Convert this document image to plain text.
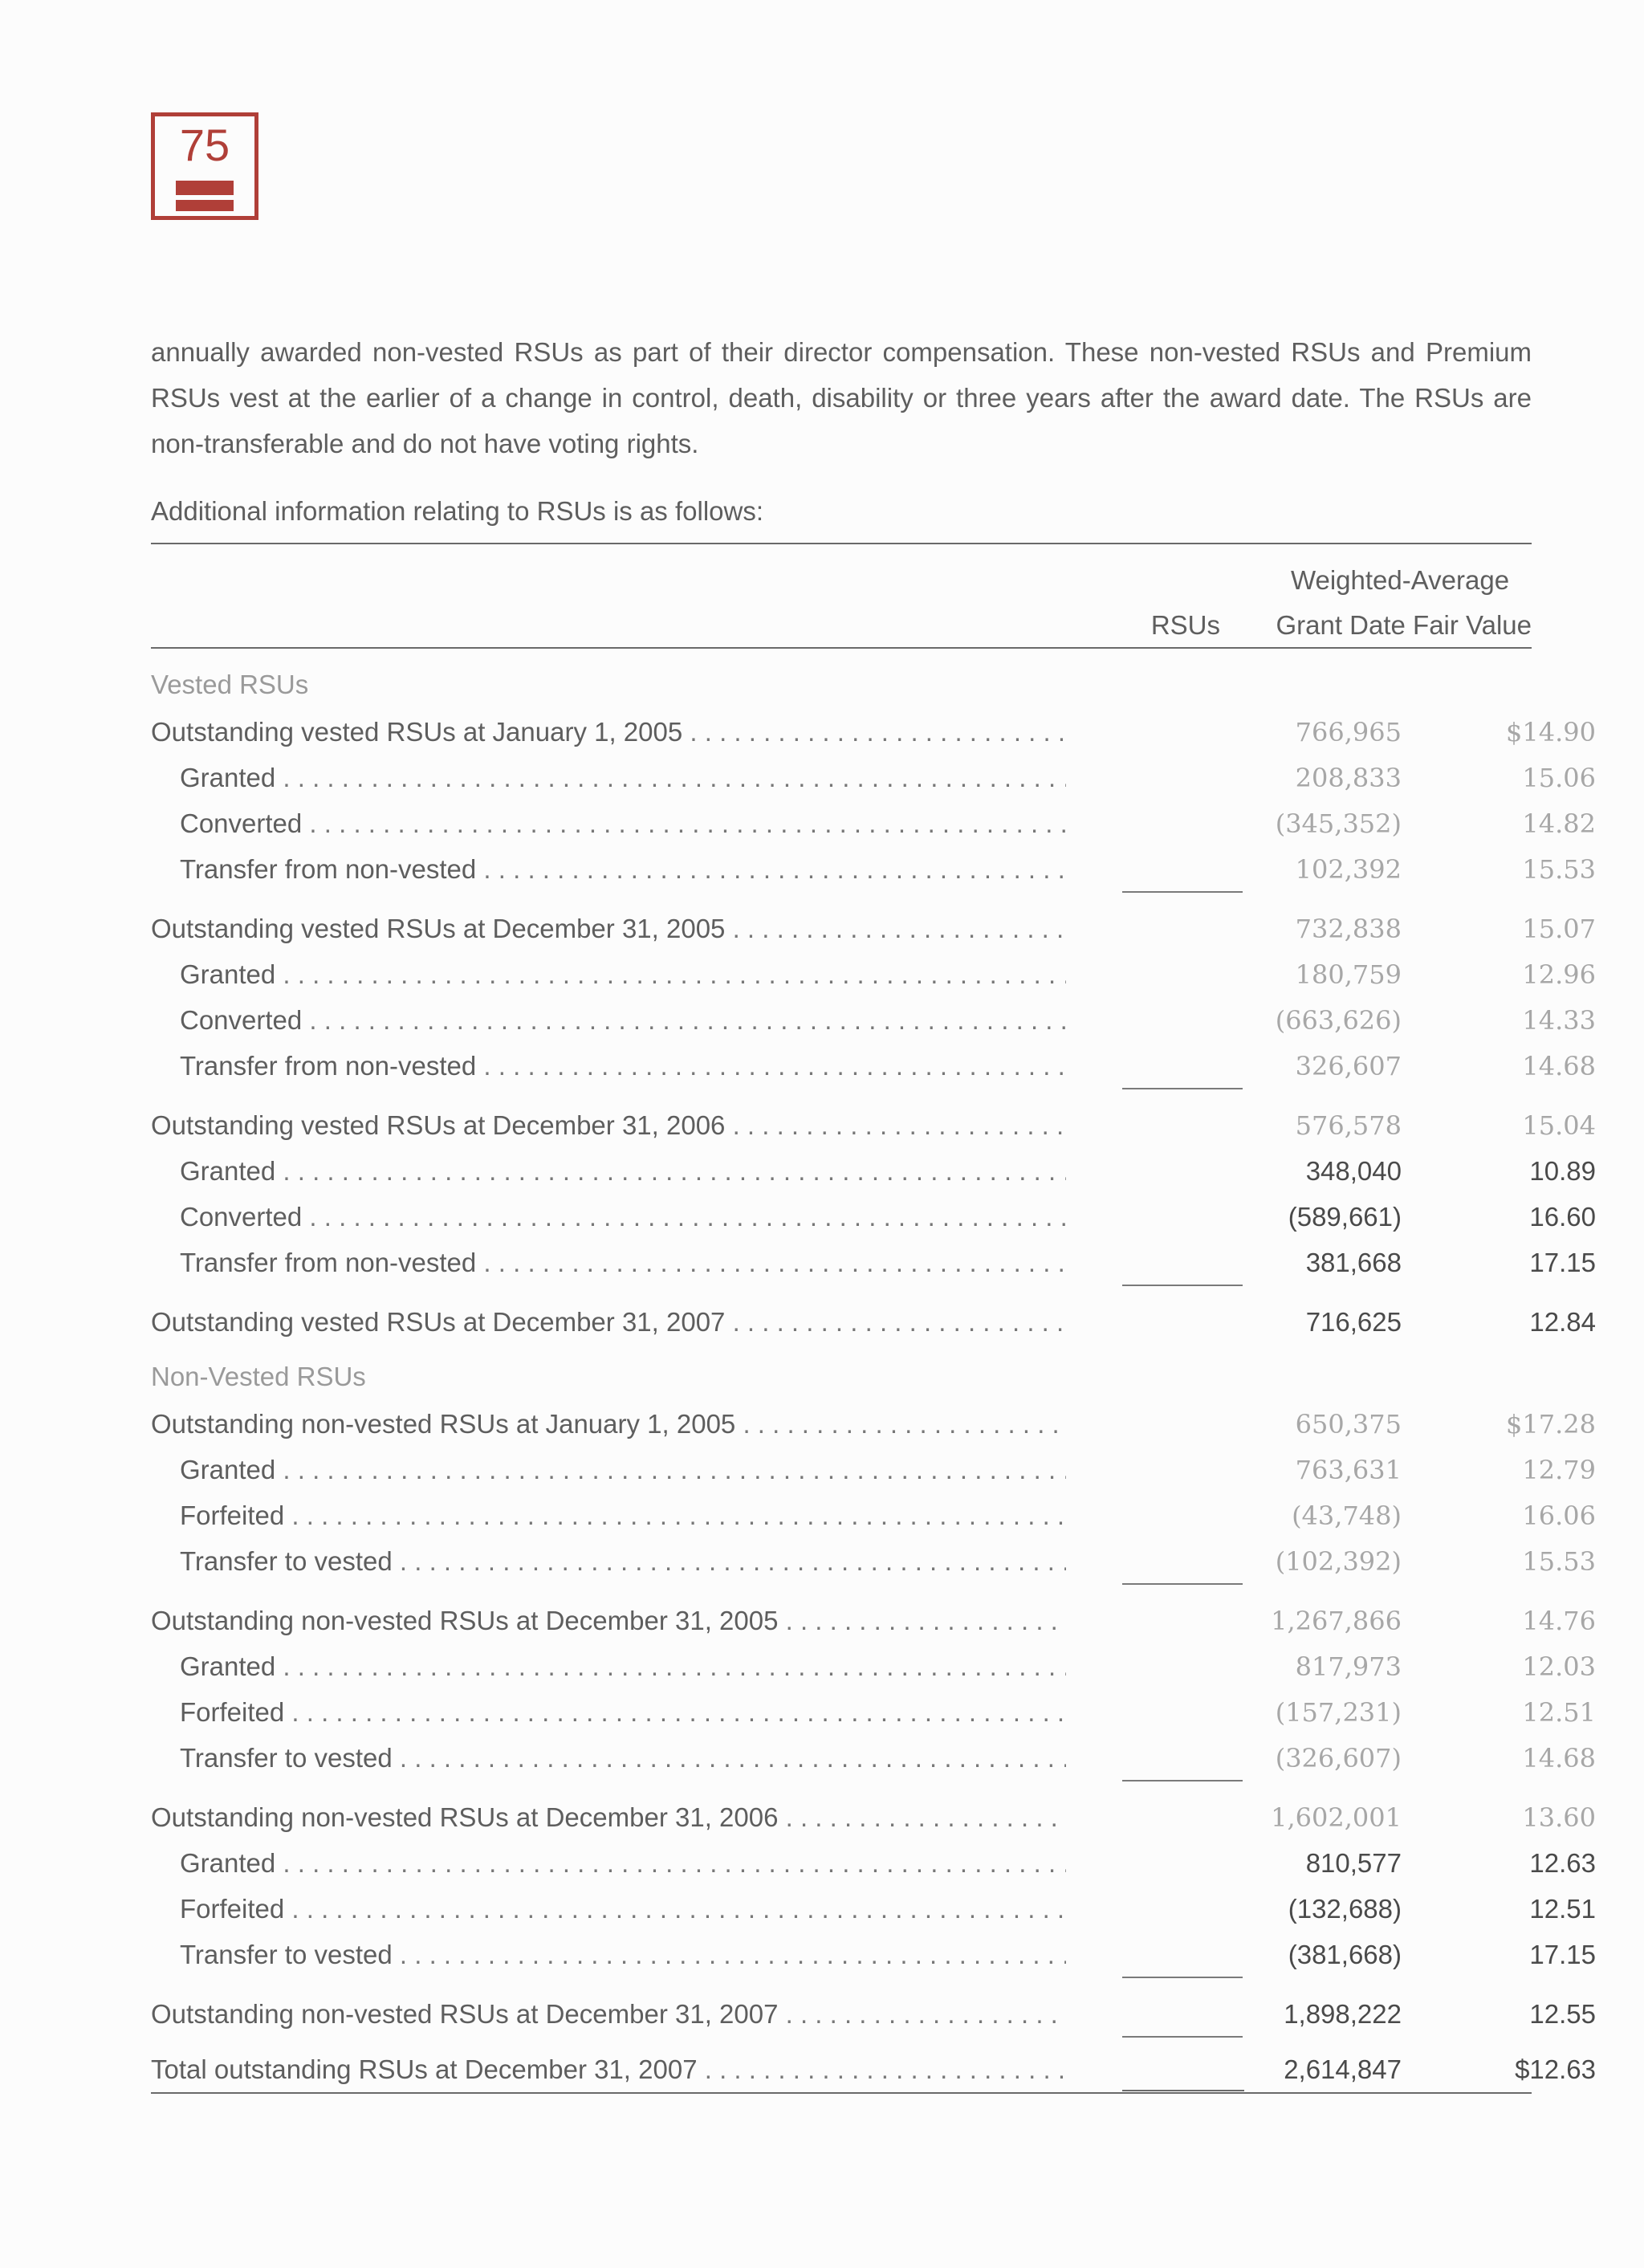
75
annually awarded non-vested RSUs as part of their director compensation. These non-vested RSUs and Premium RSUs vest at the earlier of a change in control, death, disability or three years after the award date. The RSUs are non-transferable and do not have voting rights.
Additional information relating to RSUs is as follows:
RSUs
Weighted-Average
Grant Date Fair Value
Vested RSUs
Outstanding vested RSUs at January 1, 2005 . . .	766,965	$14.90
Granted . . .	208,833	15.06
Converted . . .	(345,352)	14.82
Transfer from non-vested . . .	102,392	15.53
Outstanding vested RSUs at December 31, 2005 . . .	732,838	15.07
Granted . . .	180,759	12.96
Converted . . .	(663,626)	14.33
Transfer from non-vested . . .	326,607	14.68
Outstanding vested RSUs at December 31, 2006 . . .	576,578	15.04
Granted . . .	348,040	10.89
Converted . . .	(589,661)	16.60
Transfer from non-vested . . .	381,668	17.15
Outstanding vested RSUs at December 31, 2007 . . .	716,625	12.84
Non-Vested RSUs
Outstanding non-vested RSUs at January 1, 2005 . . .	650,375	$17.28
Granted . . .	763,631	12.79
Forfeited . . .	(43,748)	16.06
Transfer to vested . . .	(102,392)	15.53
Outstanding non-vested RSUs at December 31, 2005 . . .	1,267,866	14.76
Granted . . .	817,973	12.03
Forfeited . . .	(157,231)	12.51
Transfer to vested . . .	(326,607)	14.68
Outstanding non-vested RSUs at December 31, 2006 . . .	1,602,001	13.60
Granted . . .	810,577	12.63
Forfeited . . .	(132,688)	12.51
Transfer to vested . . .	(381,668)	17.15
Outstanding non-vested RSUs at December 31, 2007 . . .	1,898,222	12.55
Total outstanding RSUs at December 31, 2007 . . .	2,614,847	$12.63
